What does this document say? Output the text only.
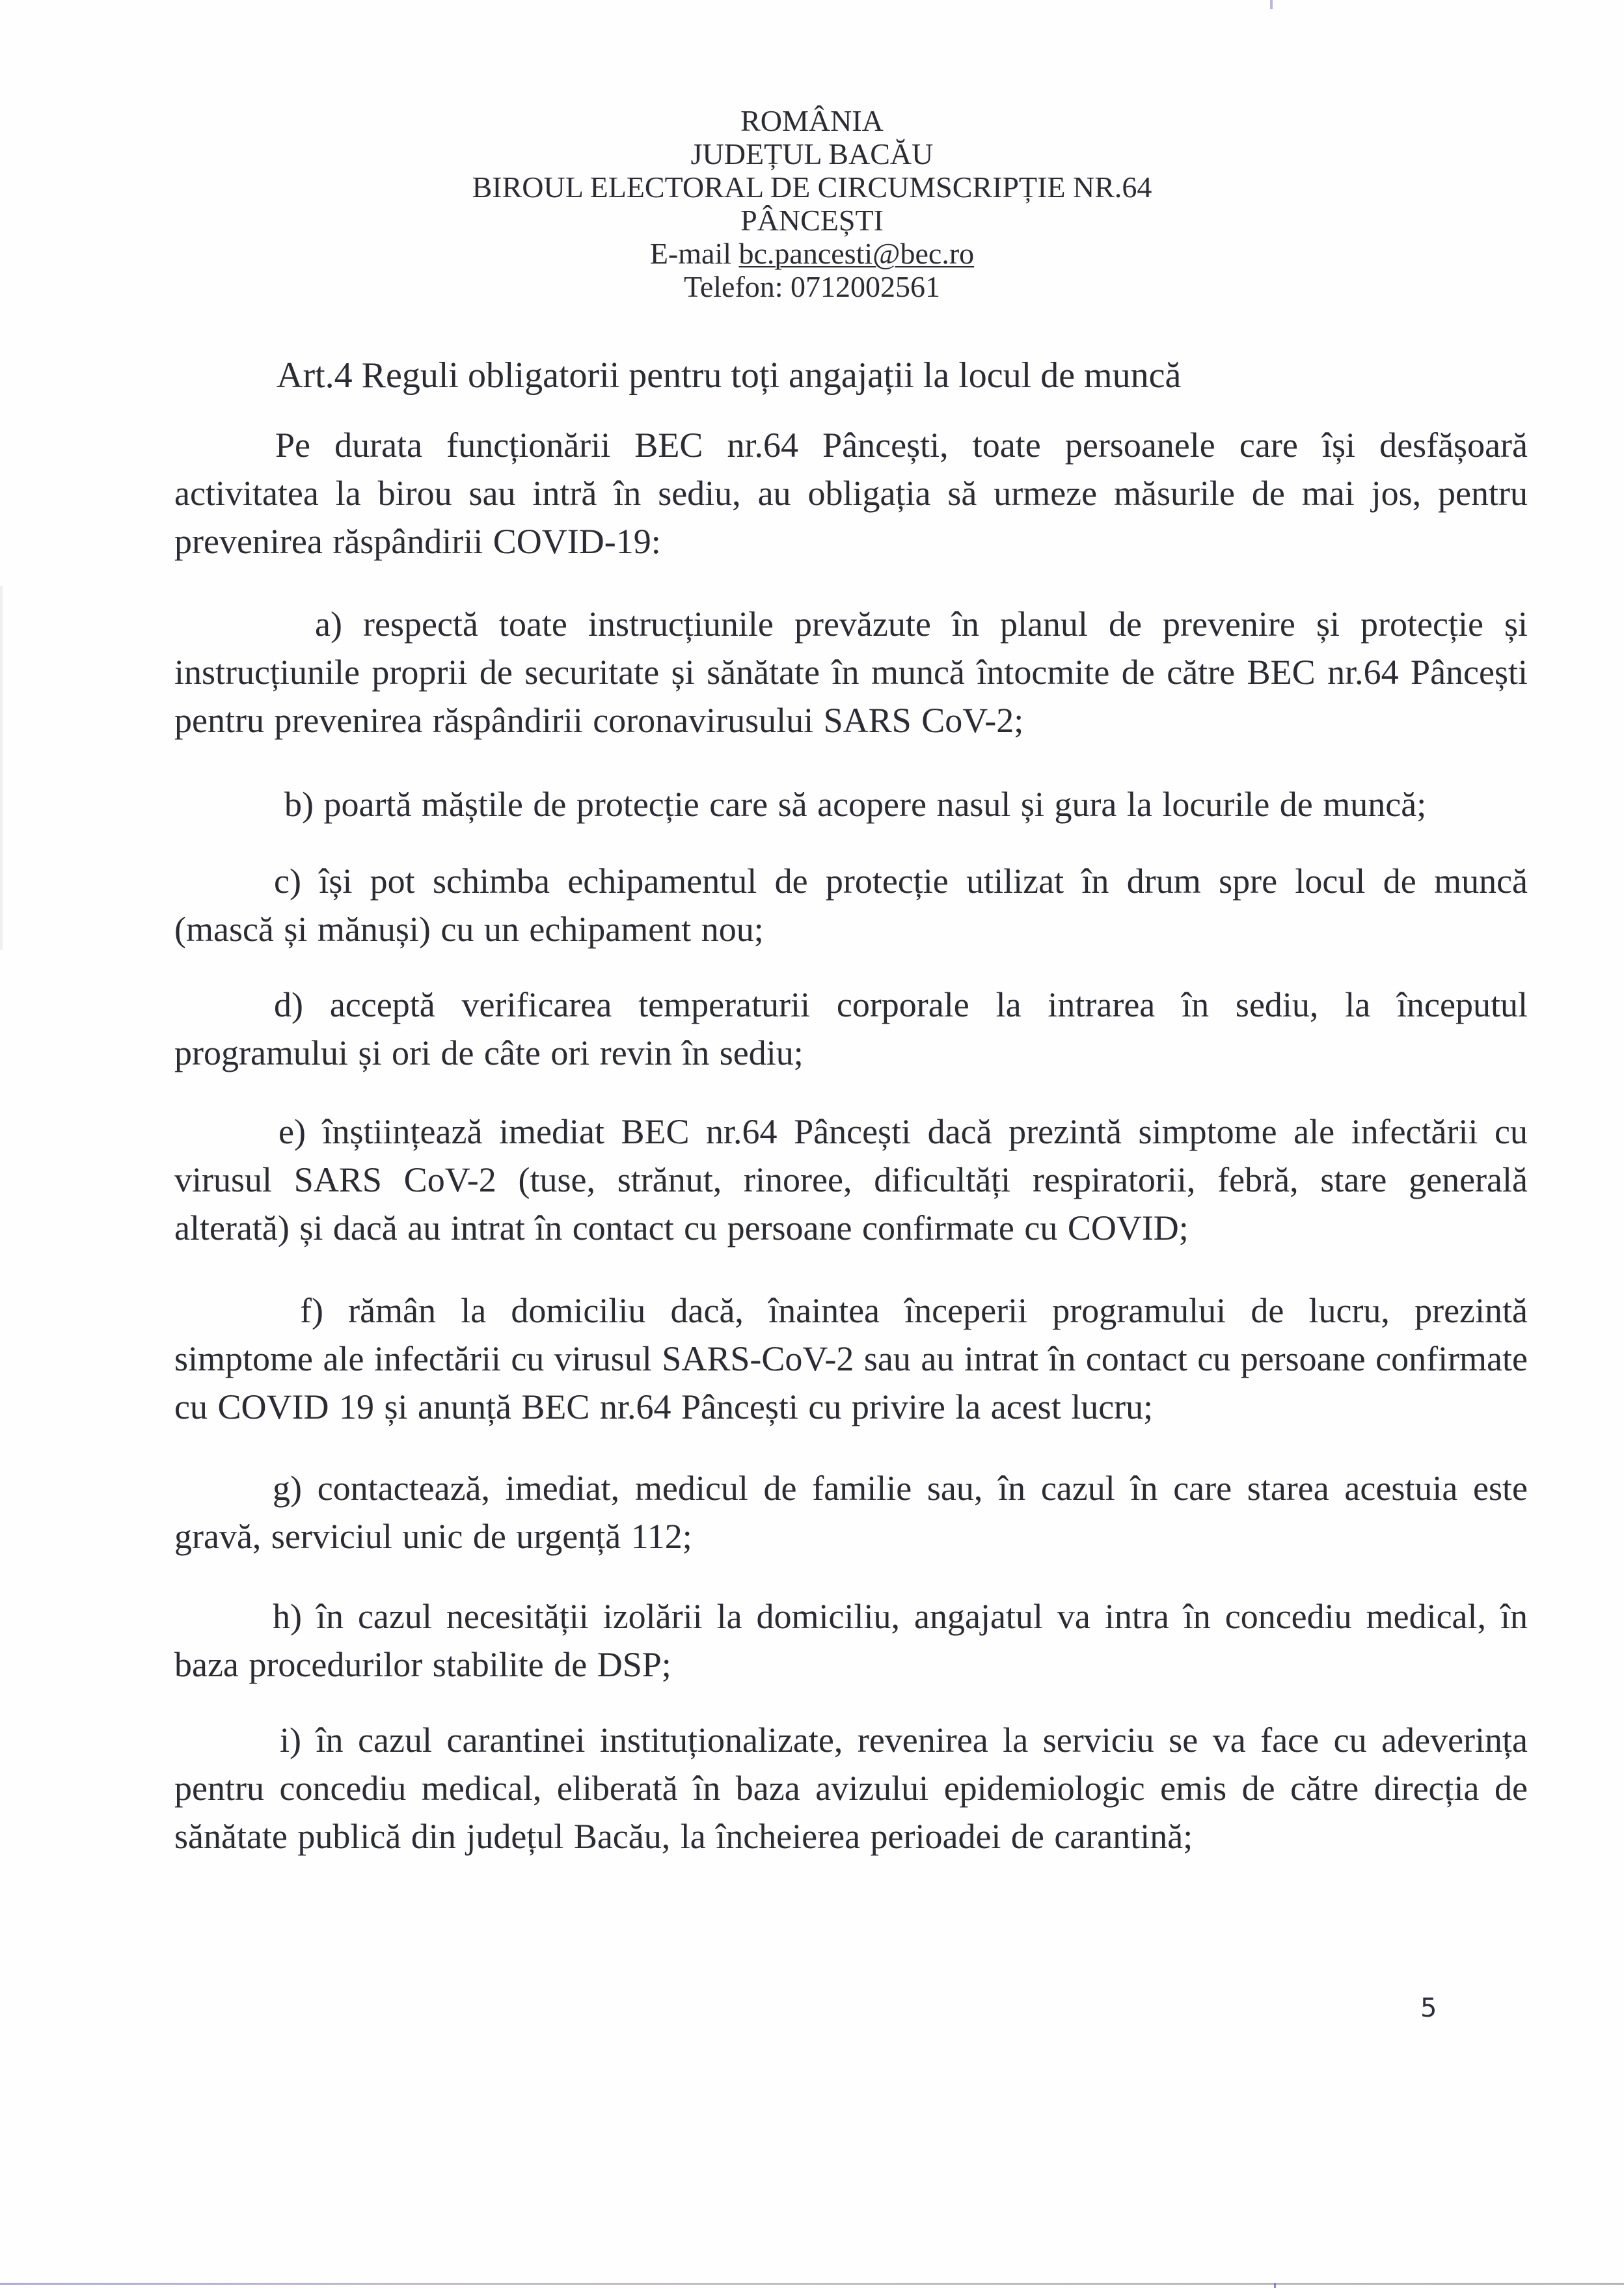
ROMÂNIA
JUDEȚUL BACĂU
BIROUL ELECTORAL DE CIRCUMSCRIPȚIE NR.64
PÂNCEȘTI
E-mail bc.pancesti@bec.ro
Telefon: 0712002561
Art.4 Reguli obligatorii pentru toți angajații la locul de muncă

Pe durata funcționării BEC nr.64 Pâncești, toate persoanele care își desfășoară activitatea la birou sau intră în sediu, au obligația să urmeze măsurile de mai jos, pentru prevenirea răspândirii COVID-19:

a) respectă toate instrucțiunile prevăzute în planul de prevenire și protecție și instrucțiunile proprii de securitate și sănătate în muncă întocmite de către BEC nr.64 Pâncești pentru prevenirea răspândirii coronavirusului SARS CoV-2;

b) poartă măștile de protecție care să acopere nasul și gura la locurile de muncă;

c) își pot schimba echipamentul de protecție utilizat în drum spre locul de muncă (mască și mănuși) cu un echipament nou;

d) acceptă verificarea temperaturii corporale la intrarea în sediu, la începutul programului și ori de câte ori revin în sediu;

e) înștiințează imediat BEC nr.64 Pâncești dacă prezintă simptome ale infectării cu virusul SARS CoV-2 (tuse, strănut, rinoree, dificultăți respiratorii, febră, stare generală alterată) și dacă au intrat în contact cu persoane confirmate cu COVID;

f) rămân la domiciliu dacă, înaintea începerii programului de lucru, prezintă simptome ale infectării cu virusul SARS-CoV-2 sau au intrat în contact cu persoane confirmate cu COVID 19 și anunță BEC nr.64 Pâncești cu privire la acest lucru;

g) contactează, imediat, medicul de familie sau, în cazul în care starea acestuia este gravă, serviciul unic de urgență 112;

h) în cazul necesității izolării la domiciliu, angajatul va intra în concediu medical, în baza procedurilor stabilite de DSP;

i) în cazul carantinei instituționalizate, revenirea la serviciu se va face cu adeverința pentru concediu medical, eliberată în baza avizului epidemiologic emis de către direcția de sănătate publică din județul Bacău, la încheierea perioadei de carantină;

5
